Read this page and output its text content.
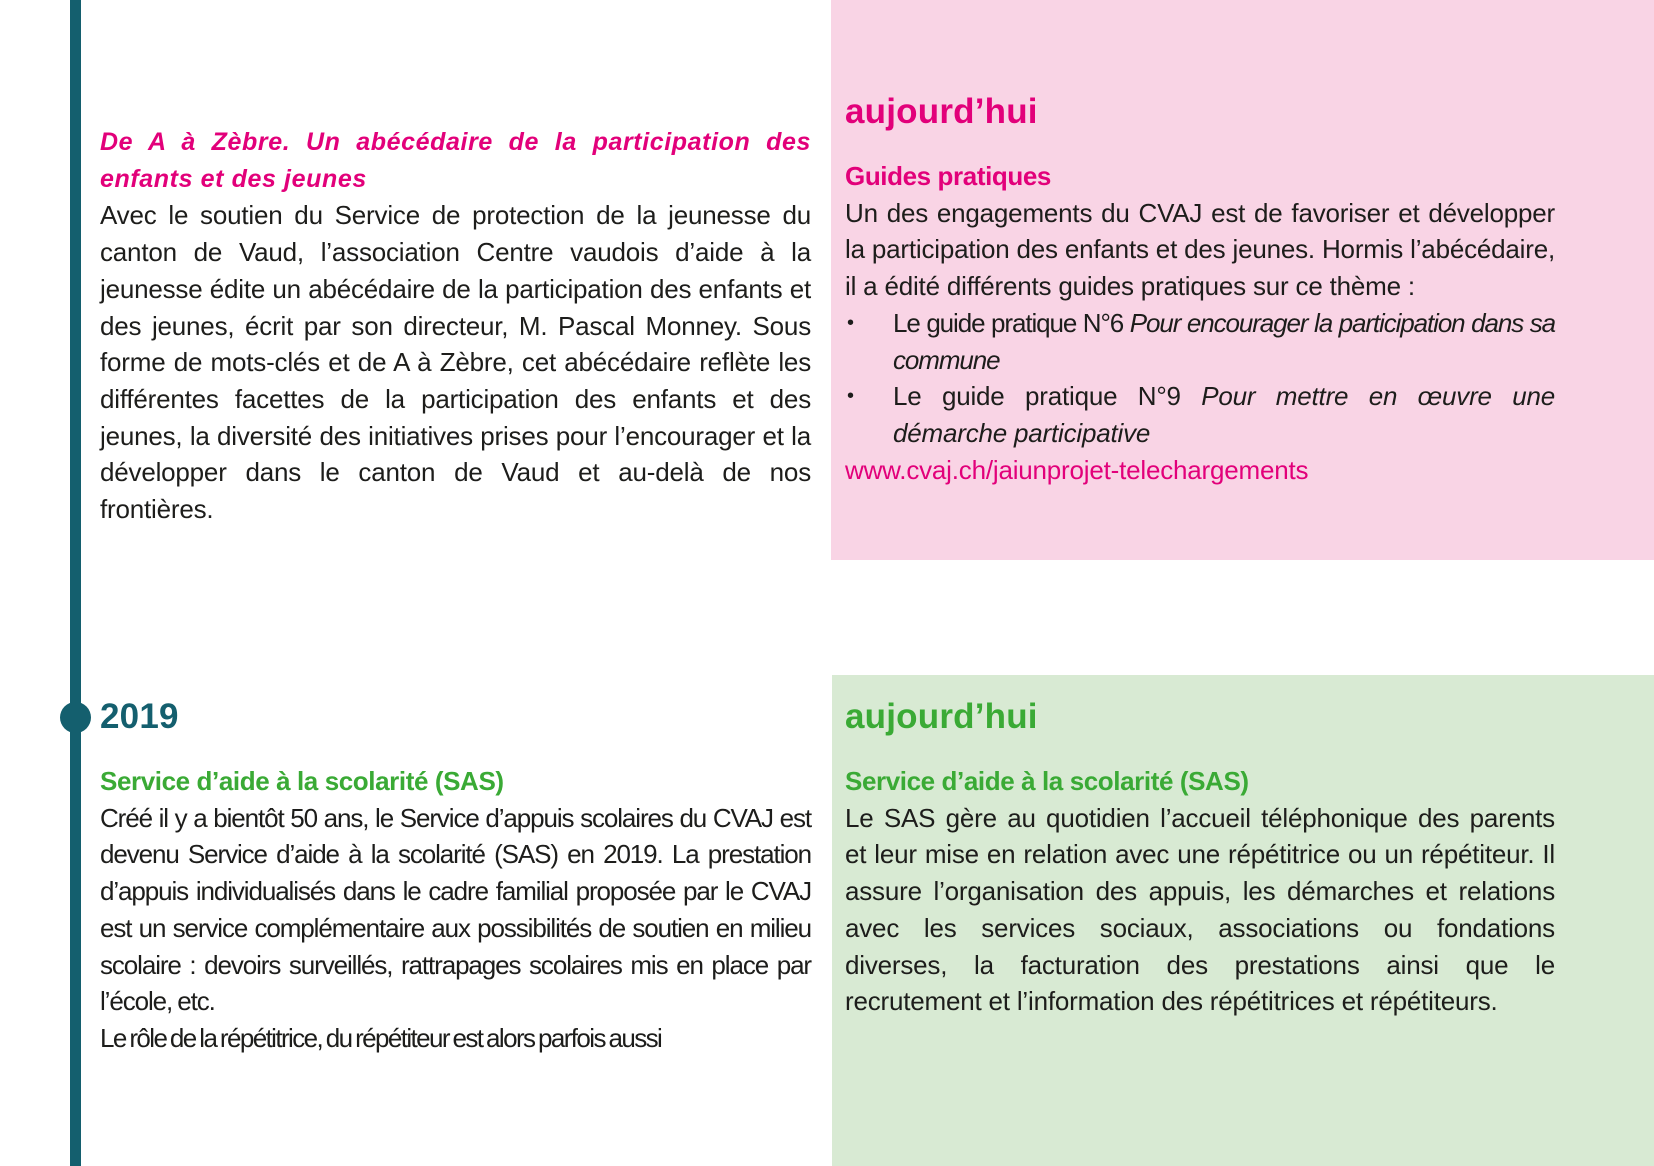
De A à Zèbre. Un abécédaire de la participation des enfants et des jeunes

Avec le soutien du Service de protection de la jeunesse du canton de Vaud, l’association Centre vaudois d’aide à la jeunesse édite un abécédaire de la participation des enfants et des jeunes, écrit par son directeur, M. Pascal Monney. Sous forme de mots-clés et de A à Zèbre, cet abécédaire reflète les différentes facettes de la participation des enfants et des jeunes, la diversité des initiatives prises pour l’encourager et la développer dans le canton de Vaud et au-delà de nos frontières.

aujourd’hui
Guides pratiques

Un des engagements du CVAJ est de favoriser et développer la participation des enfants et des jeunes. Hormis l’abécédaire, il a édité différents guides pratiques sur ce thème :

• Le guide pratique N°6 Pour encourager la participation dans sa commune
• Le guide pratique N°9 Pour mettre en œuvre une démarche participative
www.cvaj.ch/jaiunprojet-telechargements
2019
Service d’aide à la scolarité (SAS)

Créé il y a bientôt 50 ans, le Service d’appuis scolaires du CVAJ est devenu Service d’aide à la scolarité (SAS) en 2019. La prestation d’appuis individualisés dans le cadre familial proposée par le CVAJ est un service complémentaire aux possibilités de soutien en milieu scolaire : devoirs surveillés, rattrapages scolaires mis en place par l’école, etc.

Le rôle de la répétitrice, du répétiteur est alors parfois aussi

aujourd’hui
Service d’aide à la scolarité (SAS)

Le SAS gère au quotidien l’accueil téléphonique des parents et leur mise en relation avec une répétitrice ou un répétiteur. Il assure l’organisation des appuis, les démarches et relations avec les services sociaux, associations ou fondations diverses, la facturation des prestations ainsi que le recrutement et l’information des répétitrices et répétiteurs.
